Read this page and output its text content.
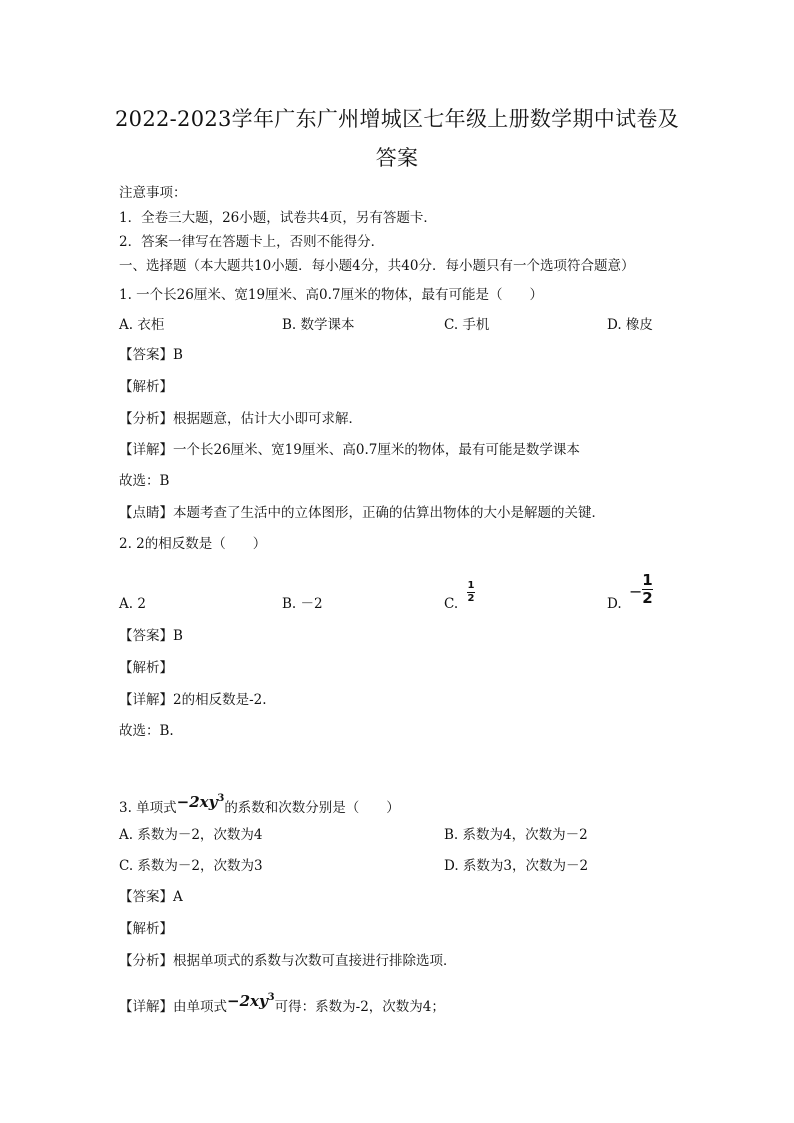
2022-2023学年广东广州增城区七年级上册数学期中试卷及
答案
注意事项：
1．全卷三大题，26小题，试卷共4页，另有答题卡．
2．答案一律写在答题卡上，否则不能得分．
一、选择题（本大题共10小题．每小题4分，共40分．每小题只有一个选项符合题意）
1. 一个长26厘米、宽19厘米、高0.7厘米的物体，最有可能是（　　）
A. 衣柜	B. 数学课本	C. 手机	D. 橡皮
【答案】B
【解析】
【分析】根据题意，估计大小即可求解．
【详解】一个长26厘米、宽19厘米、高0.7厘米的物体，最有可能是数学课本
故选：B
【点睛】本题考查了生活中的立体图形，正确的估算出物体的大小是解题的关键．
2. 2的相反数是（　　）
A. 2	B. －2	C.
1
2	D.
−
1
2
【答案】B
【解析】
【详解】2的相反数是-2.
故选：B.
3. 单项式$-2xy^3$的系数和次数分别是（　　）
A. 系数为－2，次数为4	B. 系数为4，次数为－2
C. 系数为－2，次数为3	D. 系数为3，次数为－2
【答案】A
【解析】
【分析】根据单项式的系数与次数可直接进行排除选项．
【详解】由单项式$-2xy^3$可得：系数为-2，次数为4；
